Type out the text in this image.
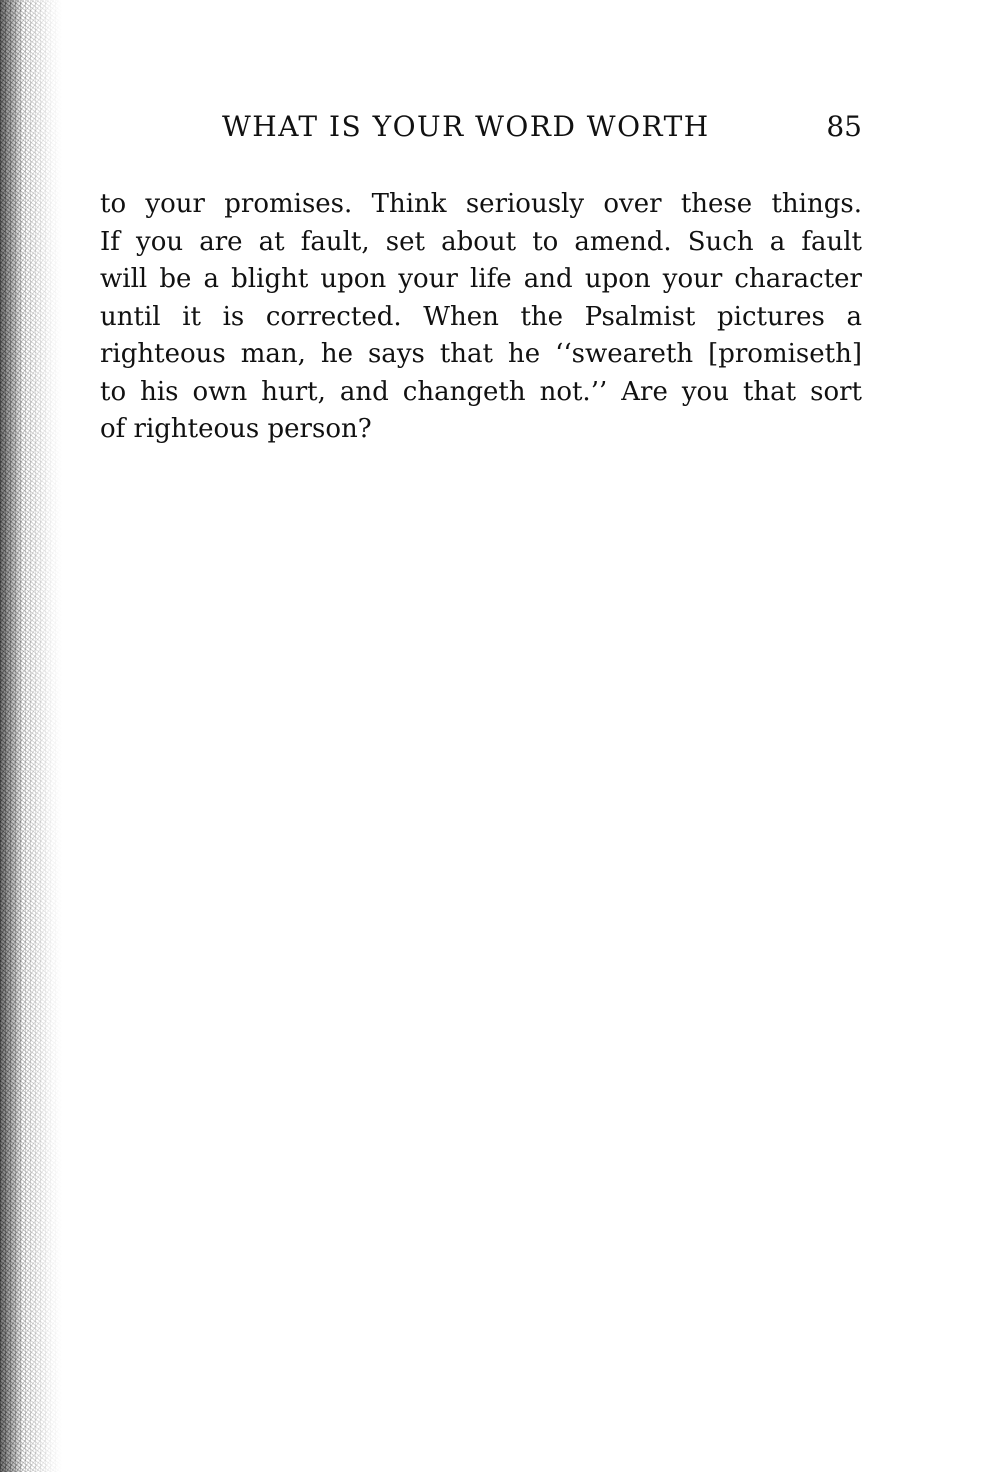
WHAT IS YOUR WORD WORTH	85
to your promises. Think seriously over these things.
If you are at fault, set about to amend. Such a fault
will be a blight upon your life and upon your character
until it is corrected. When the Psalmist pictures a
righteous man, he says that he ‘‘sweareth [promiseth]
to his own hurt, and changeth not.’’ Are you that sort
of righteous person?
